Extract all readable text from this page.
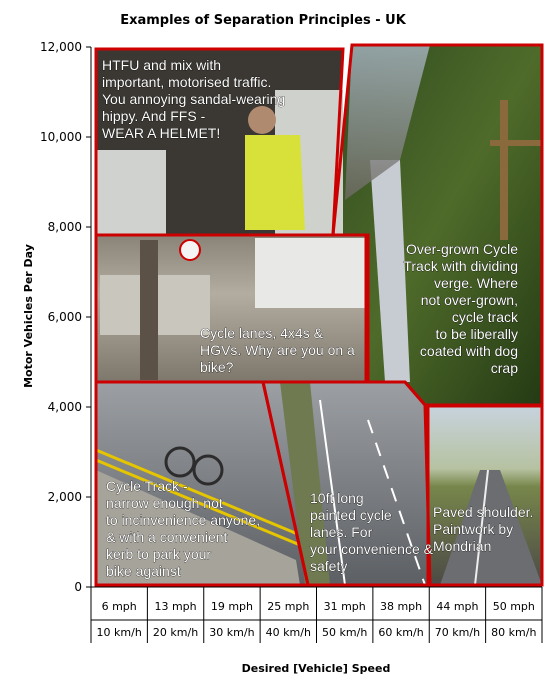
Examples of Separation Principles - UK
HTFU and mix with important, motorised traffic. You annoying sandal-wearing hippy. And FFS -WEAR A HELMET!
Over-grown Cycle Track with dividing verge. Where not over-grown, cycle track to be liberally coated with dog crap
Cycle lanes, 4x4s & HGVs. Why are you on a bike?
Cycle Track -narrow enough not to incinvenience anyone, & with a convenient kerb to park your bike against
10ft long painted cycle lanes. For your convenience & safety
Paved shoulder. Paintwork by Mondrian
0
2,000
4,000
6,000
8,000
10,000
12,000
Motor Vehicles Per Day
6 mph
10 km/h
13 mph
20 km/h
19 mph
30 km/h
25 mph
40 km/h
31 mph
50 km/h
38 mph
60 km/h
44 mph
70 km/h
50 mph
80 km/h
Desired [Vehicle] Speed
